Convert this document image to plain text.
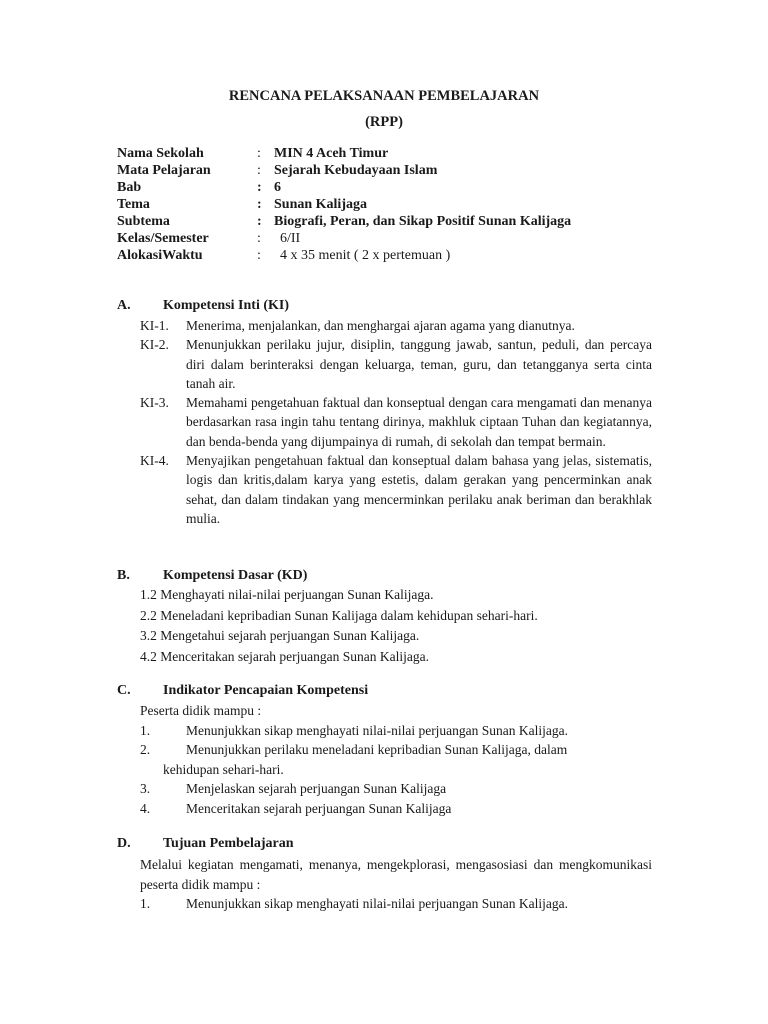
RENCANA PELAKSANAAN PEMBELAJARAN
(RPP)
Nama Sekolah	: MIN 4 Aceh Timur
Mata Pelajaran	: Sejarah Kebudayaan Islam
Bab	: 6
Tema	: Sunan Kalijaga
Subtema	: Biografi, Peran, dan Sikap Positif Sunan Kalijaga
Kelas/Semester	:	6/II
AlokasiWaktu	:	4 x 35 menit ( 2 x pertemuan )
A.	Kompetensi Inti (KI)
KI-1.	Menerima, menjalankan, dan menghargai ajaran agama yang dianutnya.
KI-2.	Menunjukkan perilaku jujur, disiplin, tanggung jawab, santun, peduli, dan percaya diri dalam berinteraksi dengan keluarga, teman, guru, dan tetangganya serta cinta tanah air.
KI-3.	Memahami pengetahuan faktual dan konseptual dengan cara mengamati dan menanya berdasarkan rasa ingin tahu tentang dirinya, makhluk ciptaan Tuhan dan kegiatannya, dan benda-benda yang dijumpainya di rumah, di sekolah dan tempat bermain.
KI-4.	Menyajikan pengetahuan faktual dan konseptual dalam bahasa yang jelas, sistematis, logis dan kritis,dalam karya yang estetis, dalam gerakan yang pencerminkan anak sehat, dan dalam tindakan yang mencerminkan perilaku anak beriman dan berakhlak mulia.
B.	Kompetensi Dasar (KD)
1.2 Menghayati nilai-nilai perjuangan Sunan Kalijaga.
2.2 Meneladani kepribadian Sunan Kalijaga dalam kehidupan sehari-hari.
3.2 Mengetahui sejarah perjuangan Sunan Kalijaga.
4.2 Menceritakan sejarah perjuangan Sunan Kalijaga.
C.	Indikator Pencapaian Kompetensi
Peserta didik mampu :
1.	Menunjukkan sikap menghayati nilai-nilai perjuangan Sunan Kalijaga.
2.	Menunjukkan perilaku meneladani kepribadian Sunan Kalijaga, dalam
kehidupan sehari-hari.
3.	Menjelaskan sejarah perjuangan Sunan Kalijaga
4.	Menceritakan sejarah perjuangan Sunan Kalijaga
D.	Tujuan Pembelajaran
Melalui kegiatan mengamati, menanya, mengekplorasi, mengasosiasi dan mengkomunikasi peserta didik mampu :
1.	Menunjukkan sikap menghayati nilai-nilai perjuangan Sunan Kalijaga.
